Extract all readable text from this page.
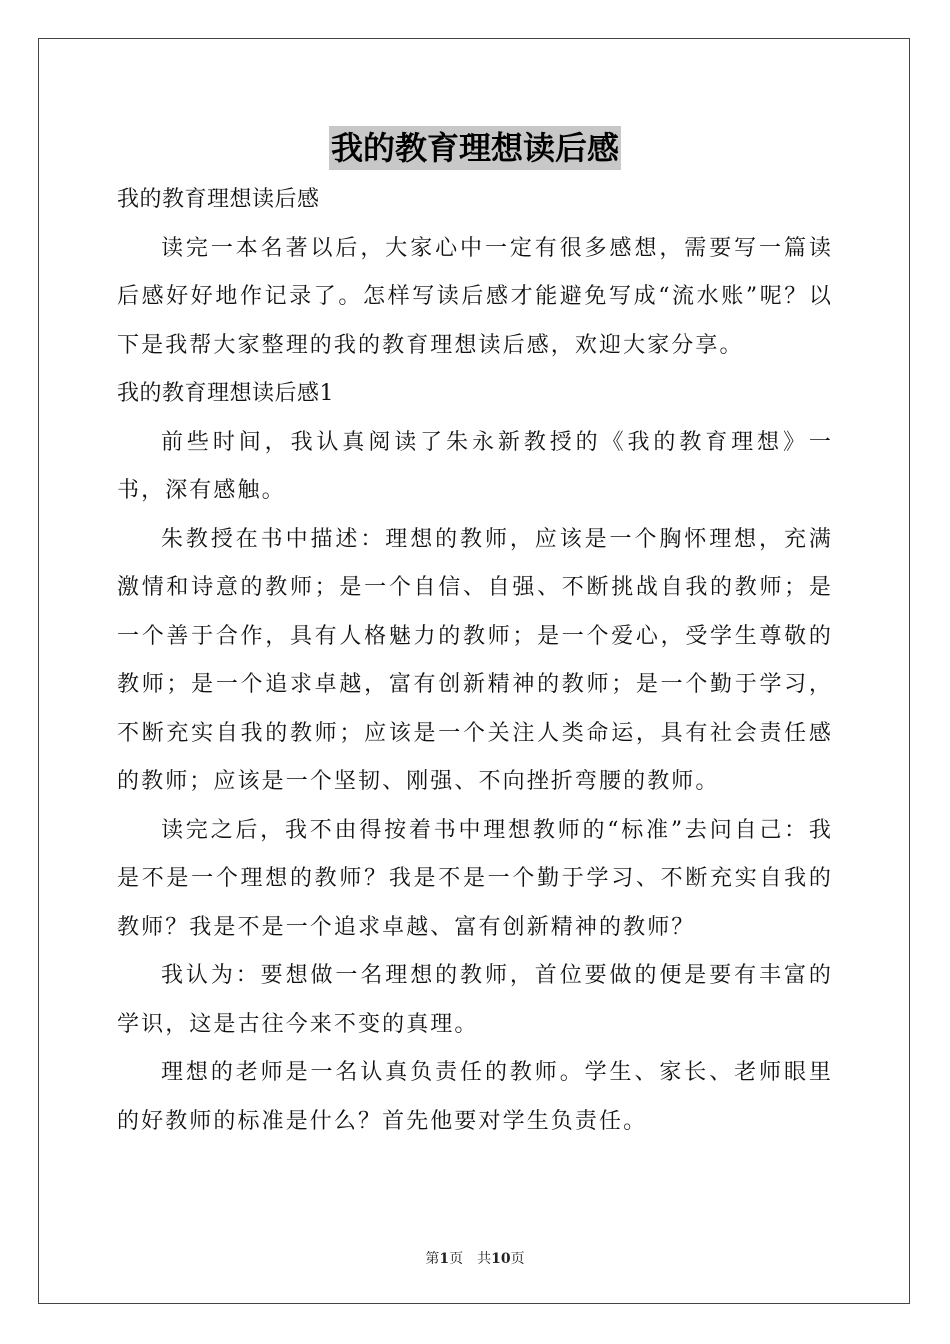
我的教育理想读后感

我的教育理想读后感

读完一本名著以后，大家心中一定有很多感想，需要写一篇读后感好好地作记录了。怎样写读后感才能避免写成“流水账”呢？以下是我帮大家整理的我的教育理想读后感，欢迎大家分享。

我的教育理想读后感1

前些时间，我认真阅读了朱永新教授的《我的教育理想》一书，深有感触。

朱教授在书中描述：理想的教师，应该是一个胸怀理想，充满激情和诗意的教师；是一个自信、自强、不断挑战自我的教师；是一个善于合作，具有人格魅力的教师；是一个爱心，受学生尊敬的教师；是一个追求卓越，富有创新精神的教师；是一个勤于学习，不断充实自我的教师；应该是一个关注人类命运，具有社会责任感的教师；应该是一个坚韧、刚强、不向挫折弯腰的教师。

读完之后，我不由得按着书中理想教师的“标准”去问自己：我是不是一个理想的教师？我是不是一个勤于学习、不断充实自我的教师？我是不是一个追求卓越、富有创新精神的教师？

我认为：要想做一名理想的教师，首位要做的便是要有丰富的学识，这是古往今来不变的真理。

理想的老师是一名认真负责任的教师。学生、家长、老师眼里的好教师的标准是什么？首先他要对学生负责任。

第1页　共10页
